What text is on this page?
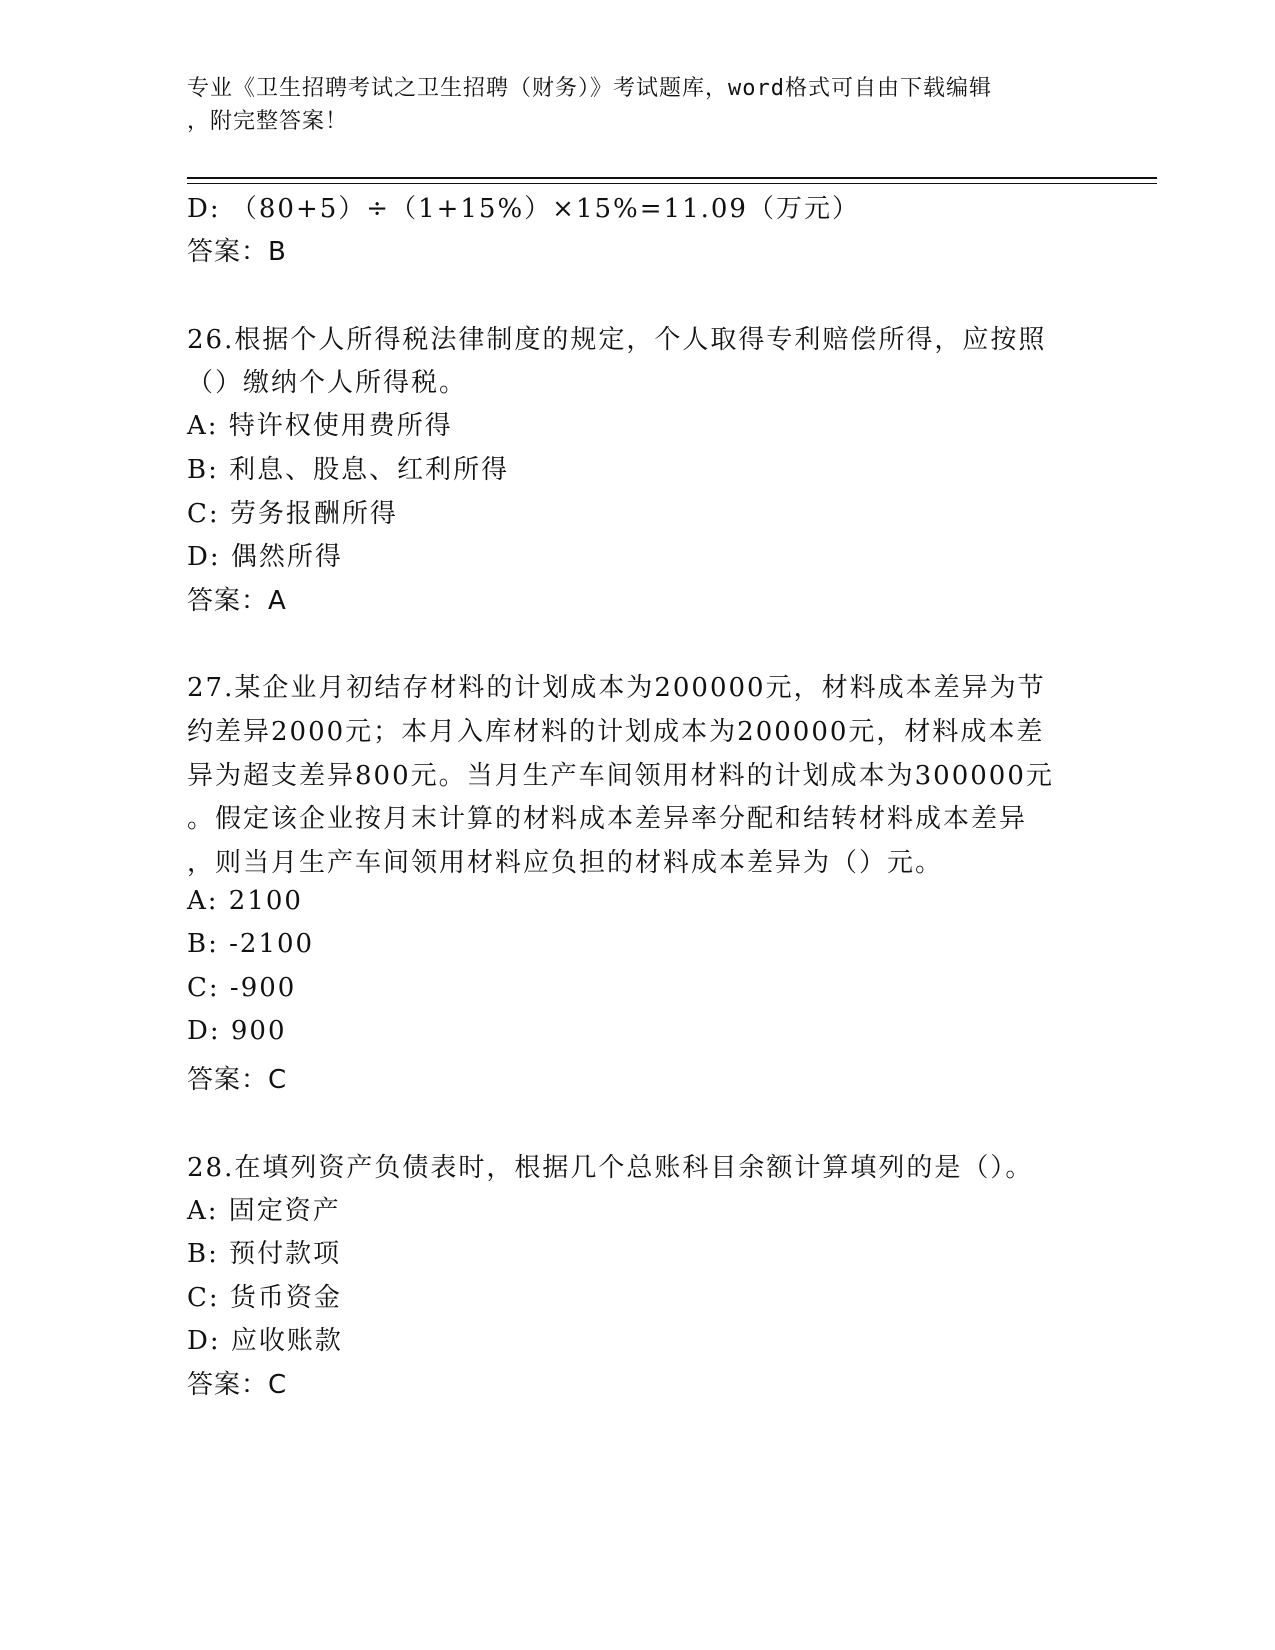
专业《卫生招聘考试之卫生招聘（财务）》考试题库，word格式可自由下载编辑
，附完整答案！
D: （80+5）÷（1+15%）×15%=11.09（万元）
答案：B
26.根据个人所得税法律制度的规定，个人取得专利赔偿所得，应按照
（）缴纳个人所得税。
A: 特许权使用费所得
B: 利息、股息、红利所得
C: 劳务报酬所得
D: 偶然所得
答案：A
27.某企业月初结存材料的计划成本为200000元，材料成本差异为节
约差异2000元；本月入库材料的计划成本为200000元，材料成本差
异为超支差异800元。当月生产车间领用材料的计划成本为300000元
。假定该企业按月末计算的材料成本差异率分配和结转材料成本差异
，则当月生产车间领用材料应负担的材料成本差异为（）元。
A: 2100
B: -2100
C: -900
D: 900
答案：C
28.在填列资产负债表时，根据几个总账科目余额计算填列的是（）。
A: 固定资产
B: 预付款项
C: 货币资金
D: 应收账款
答案：C
